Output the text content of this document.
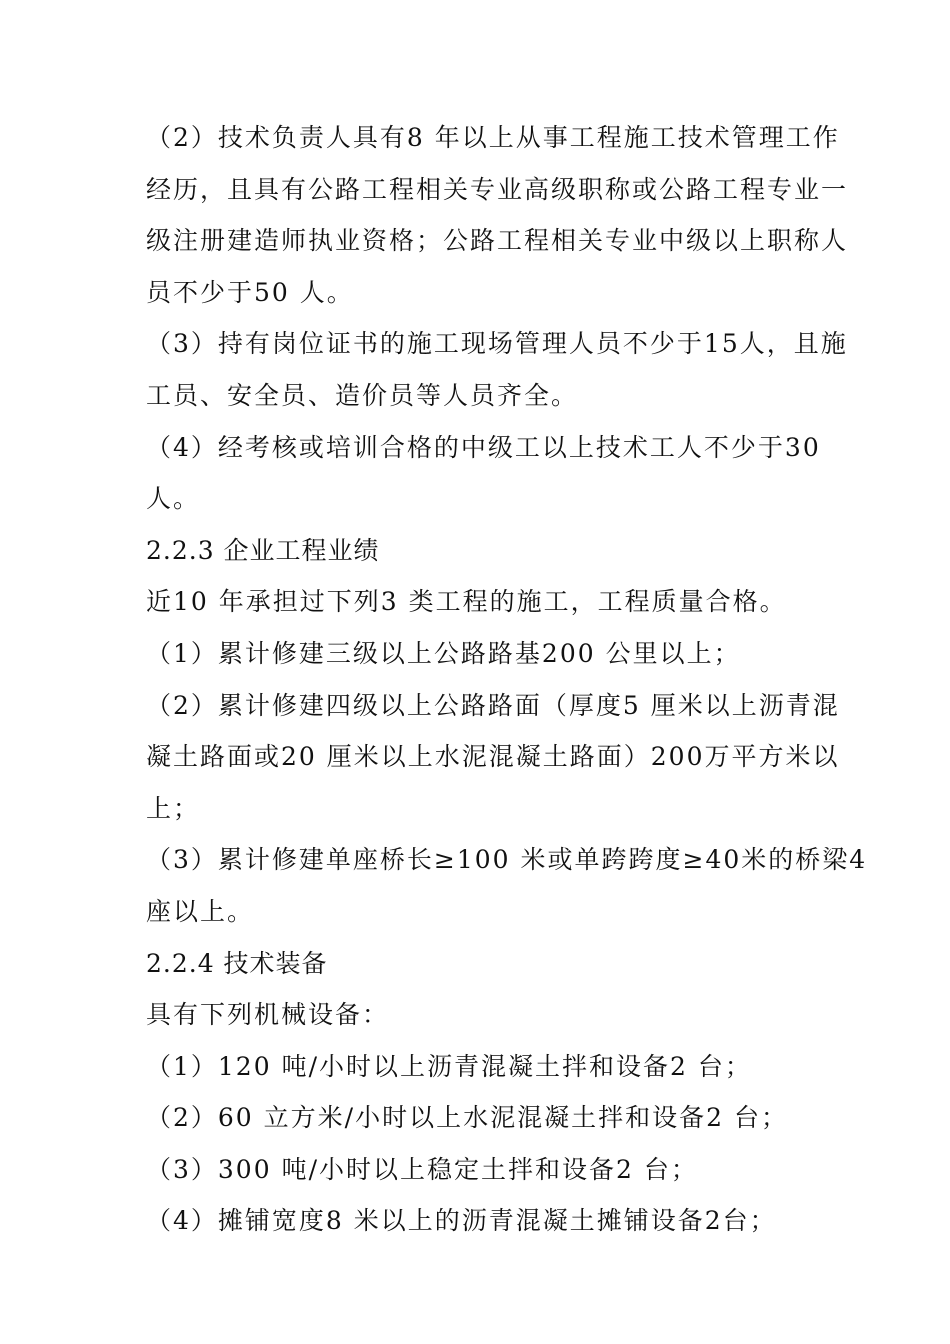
（2）技术负责人具有8 年以上从事工程施工技术管理工作
经历，且具有公路工程相关专业高级职称或公路工程专业一
级注册建造师执业资格；公路工程相关专业中级以上职称人
员不少于50 人。
（3）持有岗位证书的施工现场管理人员不少于15人，且施
工员、安全员、造价员等人员齐全。
（4）经考核或培训合格的中级工以上技术工人不少于30
人。
2.2.3 企业工程业绩
近10 年承担过下列3 类工程的施工，工程质量合格。
（1）累计修建三级以上公路路基200 公里以上；
（2）累计修建四级以上公路路面（厚度5 厘米以上沥青混
凝土路面或20 厘米以上水泥混凝土路面）200万平方米以
上；
（3）累计修建单座桥长≥100 米或单跨跨度≥40米的桥梁4
座以上。
2.2.4 技术装备
具有下列机械设备：
（1）120 吨/小时以上沥青混凝土拌和设备2 台；
（2）60 立方米/小时以上水泥混凝土拌和设备2 台；
（3）300 吨/小时以上稳定土拌和设备2 台；
（4）摊铺宽度8 米以上的沥青混凝土摊铺设备2台；
